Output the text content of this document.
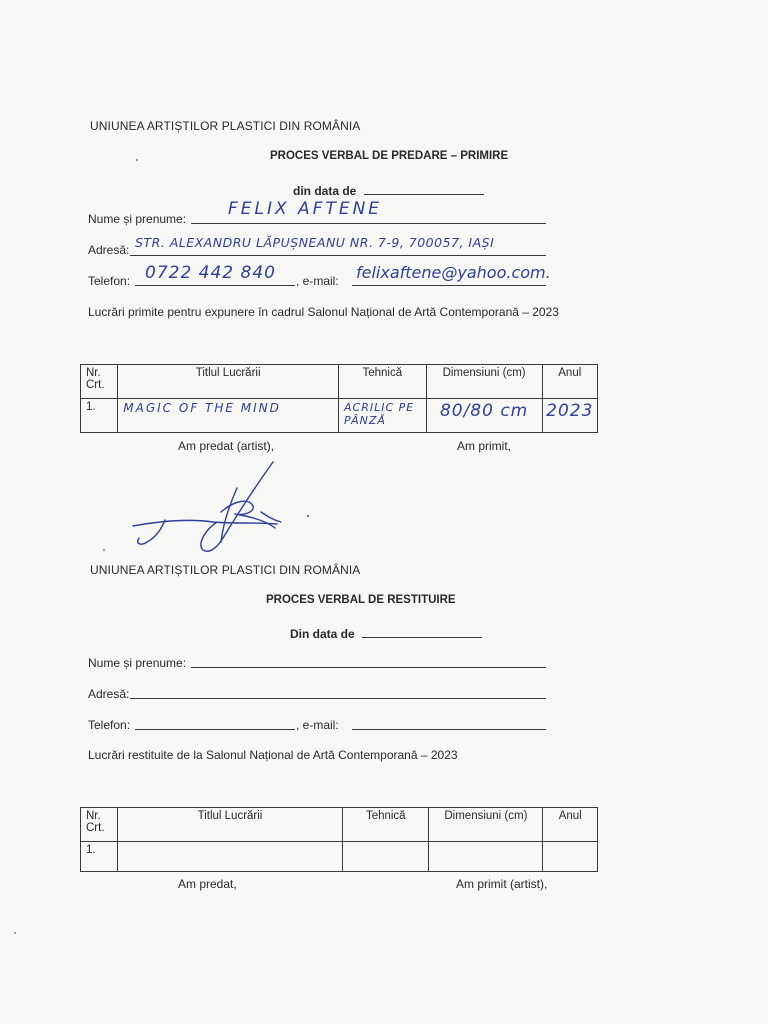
UNIUNEA ARTIȘTILOR PLASTICI DIN ROMÂNIA
PROCES VERBAL DE PREDARE – PRIMIRE
din data de
Nume și prenume: FELIX AFTENE
Adresă: STR. ALEXANDRU LĂPUȘNEANU NR. 7-9, 700057, IAȘI
Telefon: 0722 442 840 , e-mail: felixaftene@yahoo.com.
Lucrări primite pentru expunere în cadrul Salonul Național de Artă Contemporană – 2023
Nr. Crt.	Titlul Lucrării	Tehnică	Dimensiuni (cm)	Anul
1.	MAGIC OF THE MIND	ACRILIC PE PÂNZĂ	80/80 cm	2023
Am predat (artist),	Am primit,
UNIUNEA ARTIȘTILOR PLASTICI DIN ROMÂNIA
PROCES VERBAL DE RESTITUIRE
Din data de
Nume și prenume:
Adresă:
Telefon:	, e-mail:
Lucrări restituite de la Salonul Național de Artă Contemporană – 2023
Nr. Crt.	Titlul Lucrării	Tehnică	Dimensiuni (cm)	Anul
1.				
Am predat,	Am primit (artist),
